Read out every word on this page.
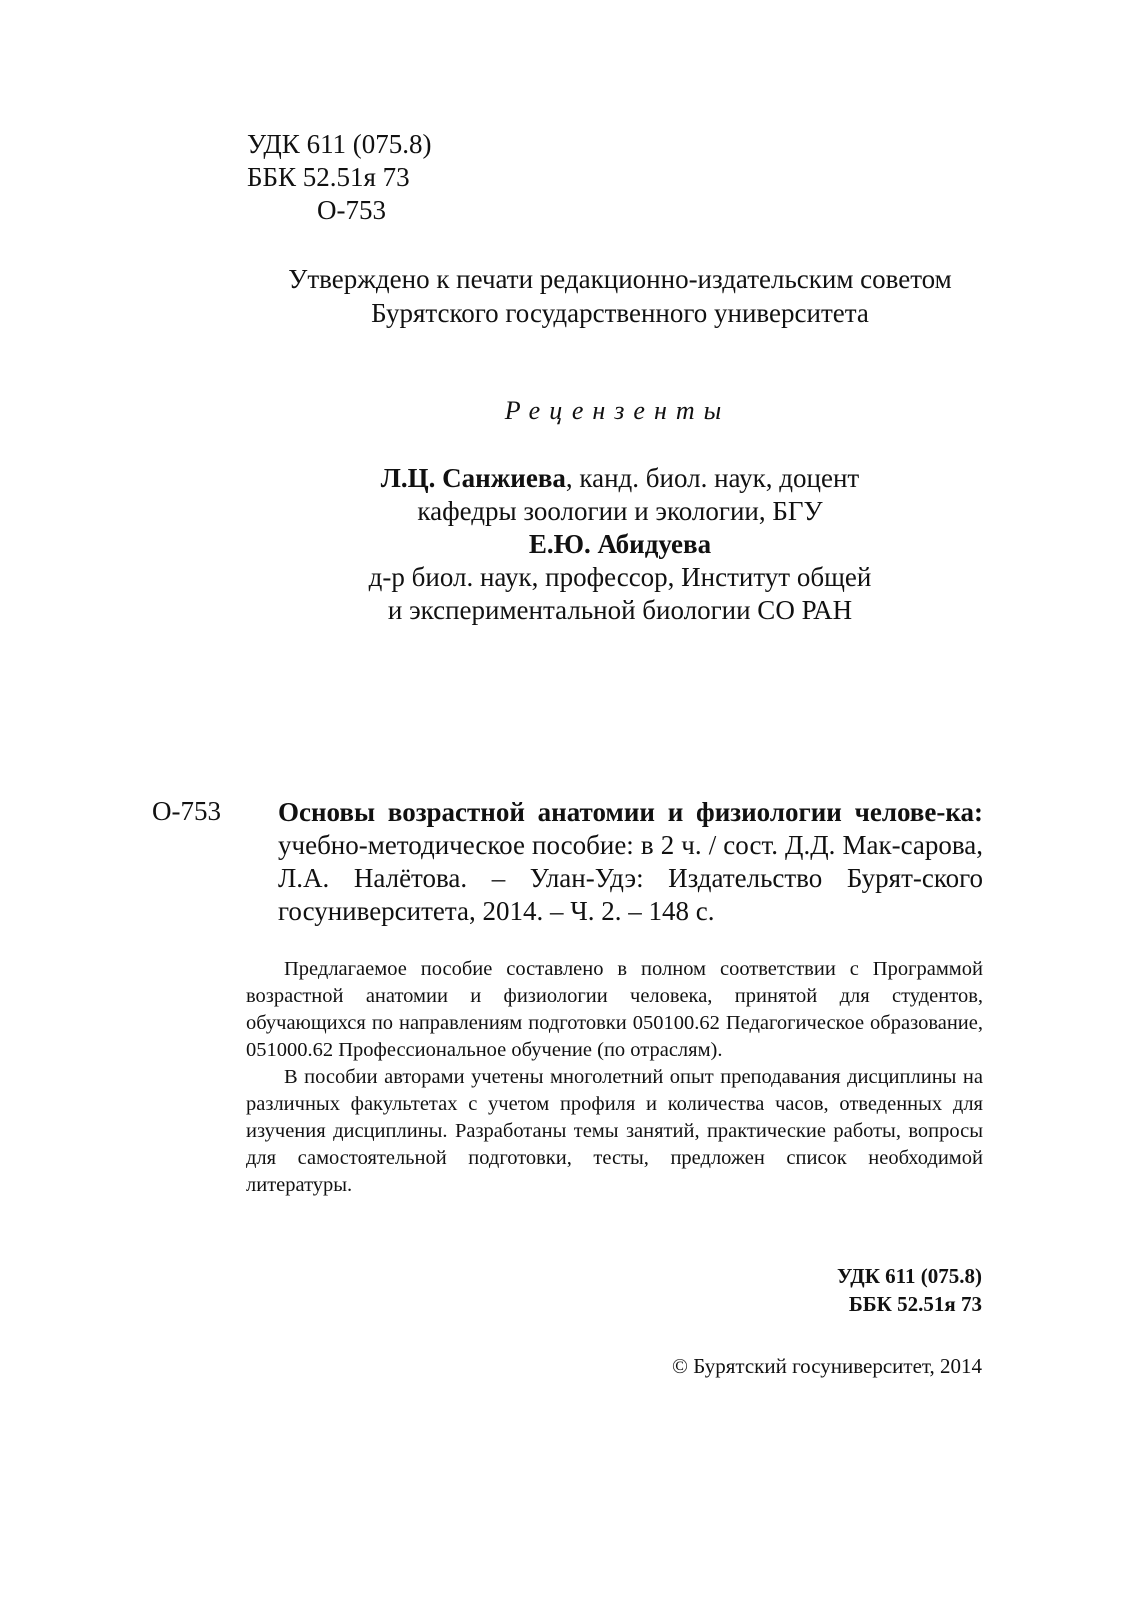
УДК 611 (075.8)
ББК 52.51я 73
О-753
Утверждено к печати редакционно-издательским советом
Бурятского государственного университета
Рецензенты
Л.Ц. Санжиева, канд. биол. наук, доцент
кафедры зоологии и экологии, БГУ
Е.Ю. Абидуева
д-р биол. наук, профессор, Институт общей
и экспериментальной биологии СО РАН
О-753 Основы возрастной анатомии и физиологии челове-ка: учебно-методическое пособие: в 2 ч. / сост. Д.Д. Мак-сарова, Л.А. Налётова. – Улан-Удэ: Издательство Бурят-ского госуниверситета, 2014. – Ч. 2. – 148 с.

Предлагаемое пособие составлено в полном соответствии с Программой возрастной анатомии и физиологии человека, принятой для студентов, обучающихся по направлениям подготовки 050100.62 Педагогическое образование, 051000.62 Профессиональное обучение (по отраслям).

В пособии авторами учетены многолетний опыт преподавания дисциплины на различных факультетах с учетом профиля и количества часов, отведенных для изучения дисциплины. Разработаны темы занятий, практические работы, вопросы для самостоятельной подготовки, тесты, предложен список необходимой литературы.

УДК 611 (075.8)
ББК 52.51я 73
© Бурятский госуниверситет, 2014
